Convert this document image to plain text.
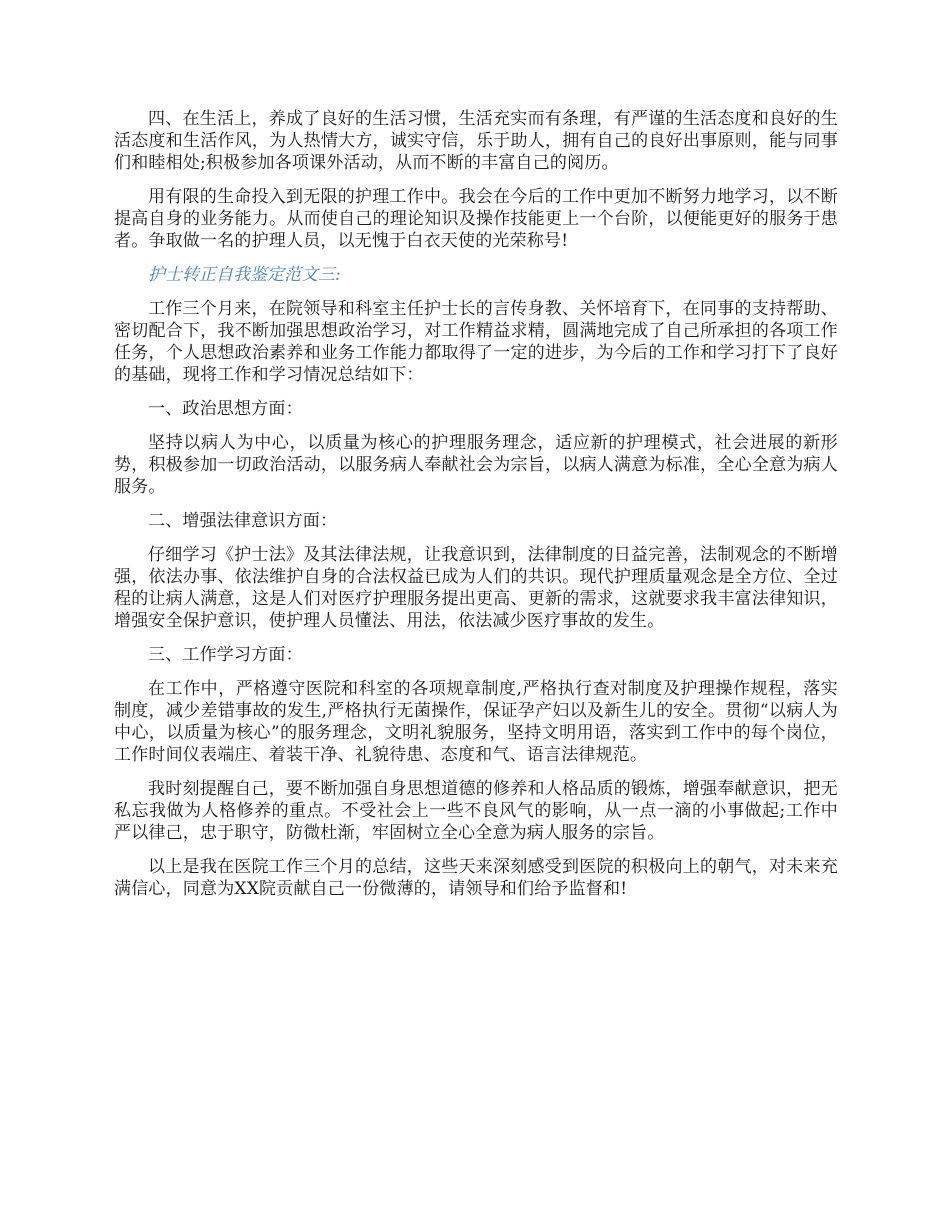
四、在生活上，养成了良好的生活习惯，生活充实而有条理，有严谨的生活态度和良好的生活态度和生活作风，为人热情大方，诚实守信，乐于助人，拥有自己的良好出事原则，能与同事们和睦相处;积极参加各项课外活动，从而不断的丰富自己的阅历。

用有限的生命投入到无限的护理工作中。我会在今后的工作中更加不断努力地学习，以不断提高自身的业务能力。从而使自己的理论知识及操作技能更上一个台阶，以便能更好的服务于患者。争取做一名的护理人员，以无愧于白衣天使的光荣称号!

护士转正自我鉴定范文三:

工作三个月来，在院领导和科室主任护士长的言传身教、关怀培育下，在同事的支持帮助、密切配合下，我不断加强思想政治学习，对工作精益求精，圆满地完成了自己所承担的各项工作任务，个人思想政治素养和业务工作能力都取得了一定的进步，为今后的工作和学习打下了良好的基础，现将工作和学习情况总结如下：

一、政治思想方面：

坚持以病人为中心，以质量为核心的护理服务理念，适应新的护理模式，社会进展的新形势，积极参加一切政治活动，以服务病人奉献社会为宗旨，以病人满意为标准，全心全意为病人服务。

二、增强法律意识方面：

仔细学习《护士法》及其法律法规，让我意识到，法律制度的日益完善，法制观念的不断增强，依法办事、依法维护自身的合法权益已成为人们的共识。现代护理质量观念是全方位、全过程的让病人满意，这是人们对医疗护理服务提出更高、更新的需求，这就要求我丰富法律知识，增强安全保护意识，使护理人员懂法、用法，依法减少医疗事故的发生。

三、工作学习方面：

在工作中，严格遵守医院和科室的各项规章制度,严格执行查对制度及护理操作规程，落实制度，减少差错事故的发生,严格执行无菌操作，保证孕产妇以及新生儿的安全。贯彻“以病人为中心，以质量为核心”的服务理念，文明礼貌服务，坚持文明用语，落实到工作中的每个岗位，工作时间仪表端庄、着装干净、礼貌待患、态度和气、语言法律规范。

我时刻提醒自己，要不断加强自身思想道德的修养和人格品质的锻炼，增强奉献意识，把无私忘我做为人格修养的重点。不受社会上一些不良风气的影响，从一点一滴的小事做起;工作中严以律己，忠于职守，防微杜渐，牢固树立全心全意为病人服务的宗旨。

以上是我在医院工作三个月的总结，这些天来深刻感受到医院的积极向上的朝气，对未来充满信心，同意为XX院贡献自己一份微薄的，请领导和们给予监督和!
